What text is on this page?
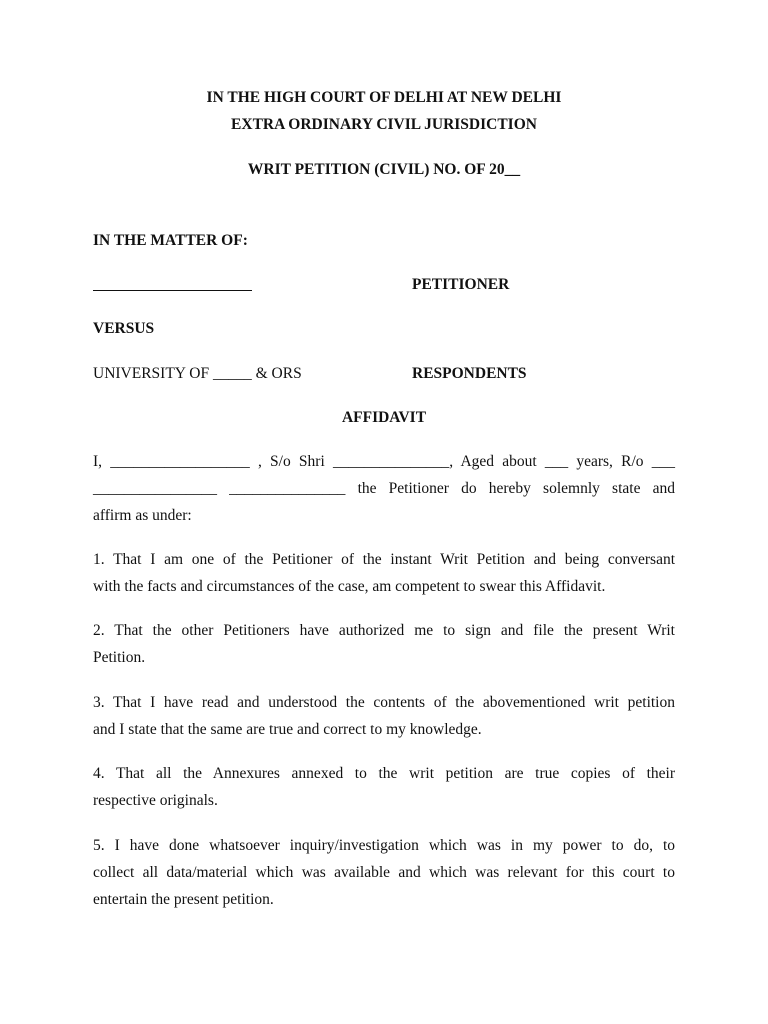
IN THE HIGH COURT OF DELHI AT NEW DELHI
EXTRA ORDINARY CIVIL JURISDICTION
WRIT PETITION (CIVIL) NO. OF 20__
IN THE MATTER OF:
PETITIONER
VERSUS
UNIVERSITY OF _____ & ORS	RESPONDENTS
AFFIDAVIT
I, __________________ , S/o Shri _______________, Aged about ___ years, R/o ___
________________ _______________ the Petitioner do hereby solemnly state and
affirm as under:
1. That I am one of the Petitioner of the instant Writ Petition and being conversant
with the facts and circumstances of the case, am competent to swear this Affidavit.
2. That the other Petitioners have authorized me to sign and file the present Writ
Petition.
3. That I have read and understood the contents of the abovementioned writ petition
and I state that the same are true and correct to my knowledge.
4. That all the Annexures annexed to the writ petition are true copies of their
respective originals.
5. I have done whatsoever inquiry/investigation which was in my power to do, to
collect all data/material which was available and which was relevant for this court to
entertain the present petition.
